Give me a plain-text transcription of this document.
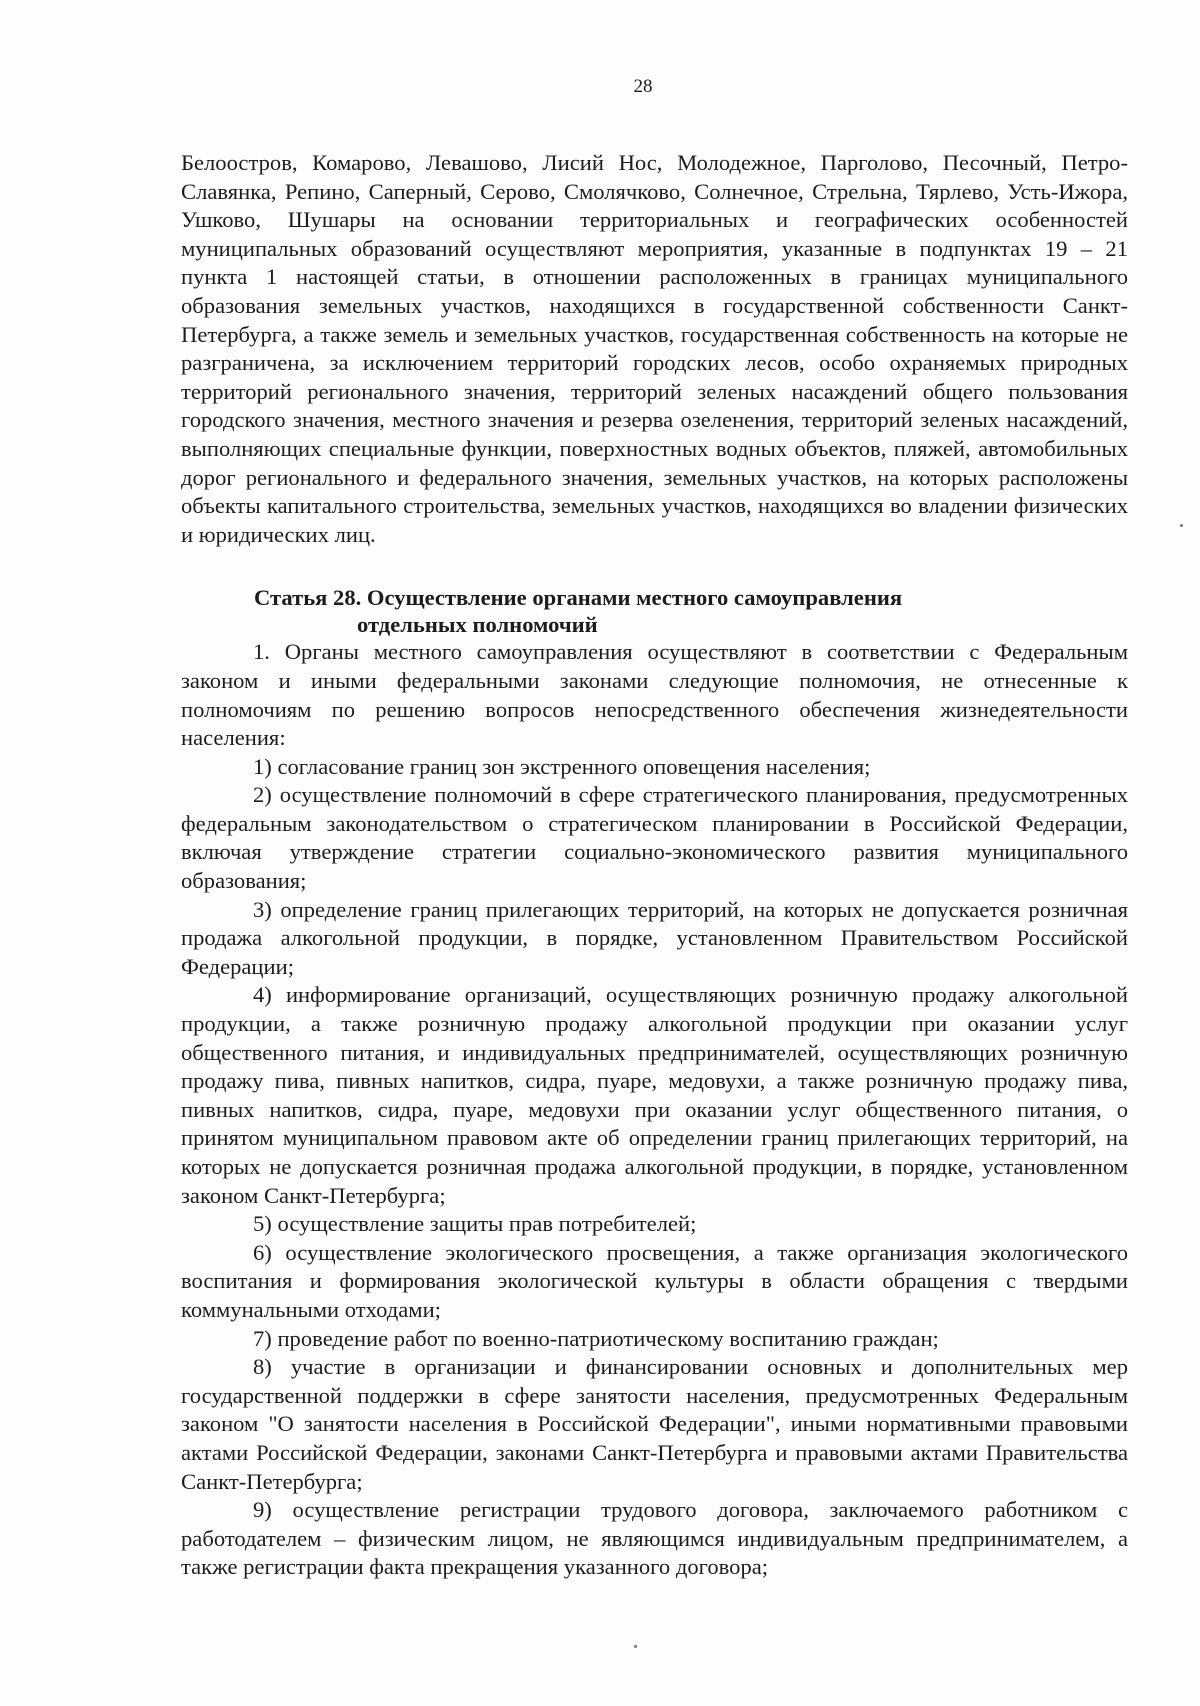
28

Белоостров, Комарово, Левашово, Лисий Нос, Молодежное, Парголово, Песочный, Петро-Славянка, Репино, Саперный, Серово, Смолячково, Солнечное, Стрельна, Тярлево, Усть-Ижора, Ушково, Шушары на основании территориальных и географических особенностей муниципальных образований осуществляют мероприятия, указанные в подпунктах 19 – 21 пункта 1 настоящей статьи, в отношении расположенных в границах муниципального образования земельных участков, находящихся в государственной собственности Санкт-Петербурга, а также земель и земельных участков, государственная собственность на которые не разграничена, за исключением территорий городских лесов, особо охраняемых природных территорий регионального значения, территорий зеленых насаждений общего пользования городского значения, местного значения и резерва озеленения, территорий зеленых насаждений, выполняющих специальные функции, поверхностных водных объектов, пляжей, автомобильных дорог регионального и федерального значения, земельных участков, на которых расположены объекты капитального строительства, земельных участков, находящихся во владении физических и юридических лиц.

Статья 28. Осуществление органами местного самоуправления
отдельных полномочий

1. Органы местного самоуправления осуществляют в соответствии с Федеральным законом и иными федеральными законами следующие полномочия, не отнесенные к полномочиям по решению вопросов непосредственного обеспечения жизнедеятельности населения:

1) согласование границ зон экстренного оповещения населения;

2) осуществление полномочий в сфере стратегического планирования, предусмотренных федеральным законодательством о стратегическом планировании в Российской Федерации, включая утверждение стратегии социально-экономического развития муниципального образования;

3) определение границ прилегающих территорий, на которых не допускается розничная продажа алкогольной продукции, в порядке, установленном Правительством Российской Федерации;

4) информирование организаций, осуществляющих розничную продажу алкогольной продукции, а также розничную продажу алкогольной продукции при оказании услуг общественного питания, и индивидуальных предпринимателей, осуществляющих розничную продажу пива, пивных напитков, сидра, пуаре, медовухи, а также розничную продажу пива, пивных напитков, сидра, пуаре, медовухи при оказании услуг общественного питания, о принятом муниципальном правовом акте об определении границ прилегающих территорий, на которых не допускается розничная продажа алкогольной продукции, в порядке, установленном законом Санкт-Петербурга;

5) осуществление защиты прав потребителей;

6) осуществление экологического просвещения, а также организация экологического воспитания и формирования экологической культуры в области обращения с твердыми коммунальными отходами;

7) проведение работ по военно-патриотическому воспитанию граждан;

8) участие в организации и финансировании основных и дополнительных мер государственной поддержки в сфере занятости населения, предусмотренных Федеральным законом "О занятости населения в Российской Федерации", иными нормативными правовыми актами Российской Федерации, законами Санкт-Петербурга и правовыми актами Правительства Санкт-Петербурга;

9) осуществление регистрации трудового договора, заключаемого работником с работодателем – физическим лицом, не являющимся индивидуальным предпринимателем, а также регистрации факта прекращения указанного договора;
